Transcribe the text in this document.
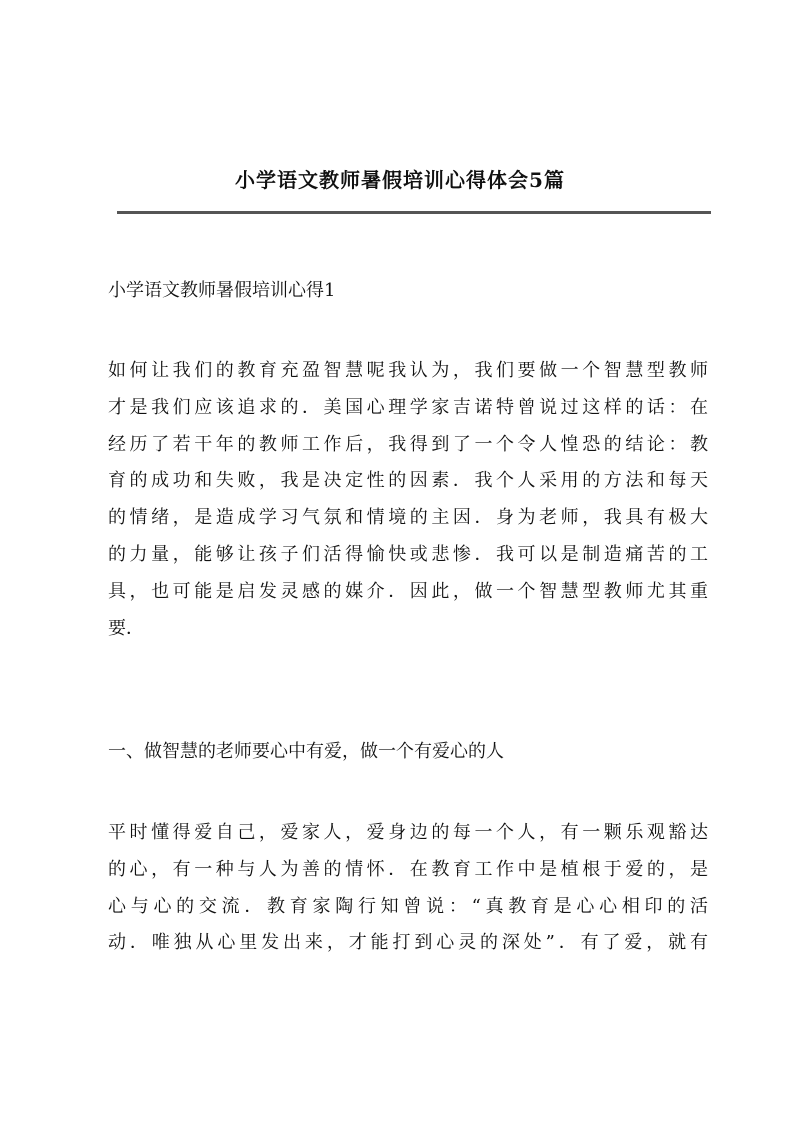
小学语文教师暑假培训心得体会5篇
小学语文教师暑假培训心得1
如何让我们的教育充盈智慧呢我认为，我们要做一个智慧型教师
才是我们应该追求的．美国心理学家吉诺特曾说过这样的话：在
经历了若干年的教师工作后，我得到了一个令人惶恐的结论：教
育的成功和失败，我是决定性的因素．我个人采用的方法和每天
的情绪，是造成学习气氛和情境的主因．身为老师，我具有极大
的力量，能够让孩子们活得愉快或悲惨．我可以是制造痛苦的工
具，也可能是启发灵感的媒介．因此，做一个智慧型教师尤其重
要．
一、做智慧的老师要心中有爱，做一个有爱心的人
平时懂得爱自己，爱家人，爱身边的每一个人，有一颗乐观豁达
的心，有一种与人为善的情怀．在教育工作中是植根于爱的，是
心与心的交流．教育家陶行知曾说：“真教育是心心相印的活
动．唯独从心里发出来，才能打到心灵的深处”．有了爱，就有
